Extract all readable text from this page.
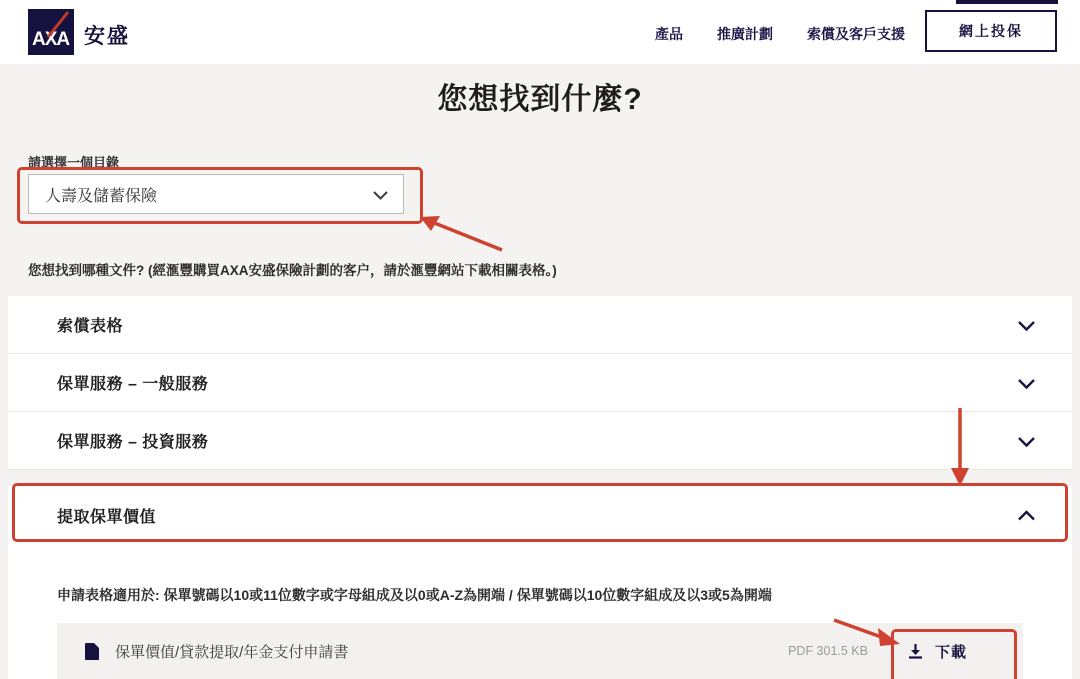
AXA 安盛	產品 推廣計劃 索償及客戶支援	網上投保
您想找到什麼?
請選擇一個目錄
人壽及儲蓄保險
您想找到哪種文件? (經滙豐購買AXA安盛保險計劃的客户，請於滙豐網站下載相關表格。)
索償表格
保單服務 – 一般服務
保單服務 – 投資服務
提取保單價值
申請表格適用於: 保單號碼以10或11位數字或字母組成及以0或A-Z為開端 / 保單號碼以10位數字組成及以3或5為開端
保單價值/貸款提取/年金支付申請書	PDF 301.5 KB	下載
